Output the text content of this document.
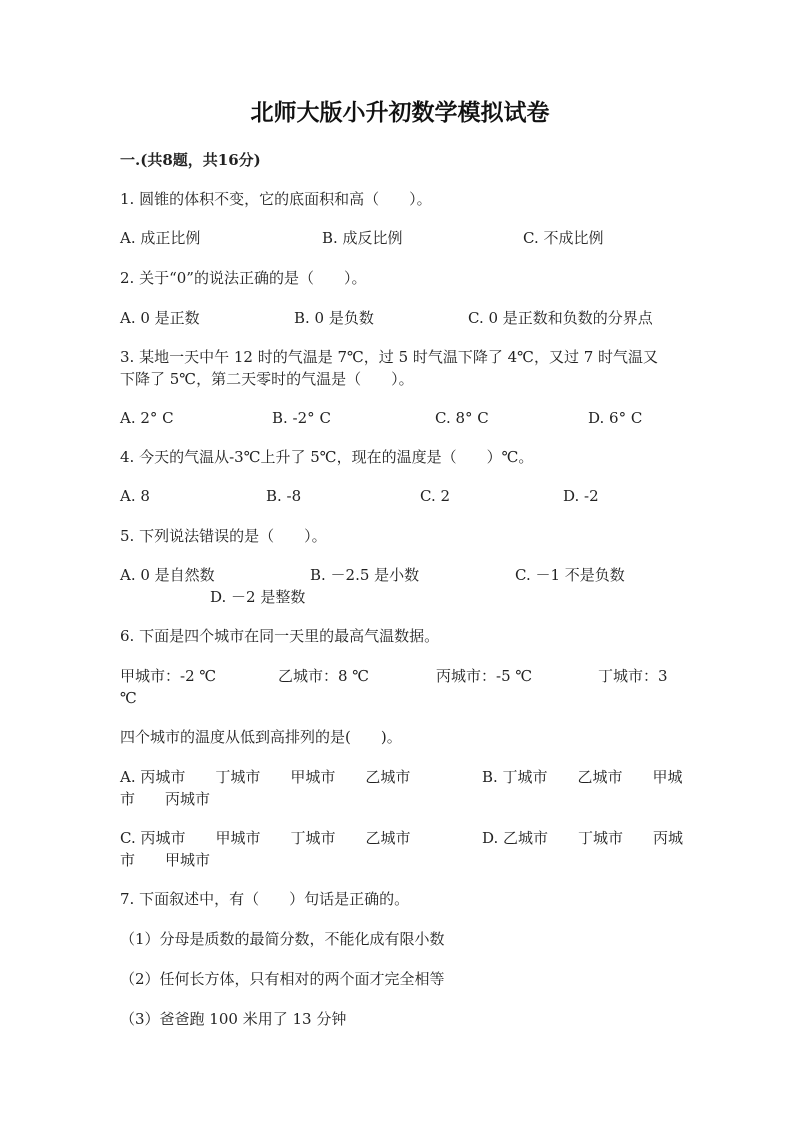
北师大版小升初数学模拟试卷
一.(共8题，共16分)
1. 圆锥的体积不变，它的底面积和高（　　）。
A. 成正比例	B. 成反比例	C. 不成比例
2. 关于“0”的说法正确的是（　　）。
A. 0 是正数	B. 0 是负数	C. 0 是正数和负数的分界点
3. 某地一天中午 12 时的气温是 7℃，过 5 时气温下降了 4℃，又过 7 时气温又
下降了 5℃，第二天零时的气温是（　　）。
A. 2° C	B. -2° C	C. 8° C	D. 6° C
4. 今天的气温从-3℃上升了 5℃，现在的温度是（　　）℃。
A. 8	B. -8	C. 2	D. -2
5. 下列说法错误的是（　　）。
A. 0 是自然数	B. －2.5 是小数	C. －1 不是负数
D. －2 是整数
6. 下面是四个城市在同一天里的最高气温数据。
甲城市：-2 ℃	乙城市：8 ℃	丙城市：-5 ℃	丁城市：3
℃
四个城市的温度从低到高排列的是(　　)。
A. 丙城市　　丁城市　　甲城市　　乙城市	B. 丁城市　　乙城市　　甲城
市　　丙城市
C. 丙城市　　甲城市　　丁城市　　乙城市	D. 乙城市　　丁城市　　丙城
市　　甲城市
7. 下面叙述中，有（　　）句话是正确的。
（1）分母是质数的最简分数，不能化成有限小数
（2）任何长方体，只有相对的两个面才完全相等
（3）爸爸跑 100 米用了 13 分钟
